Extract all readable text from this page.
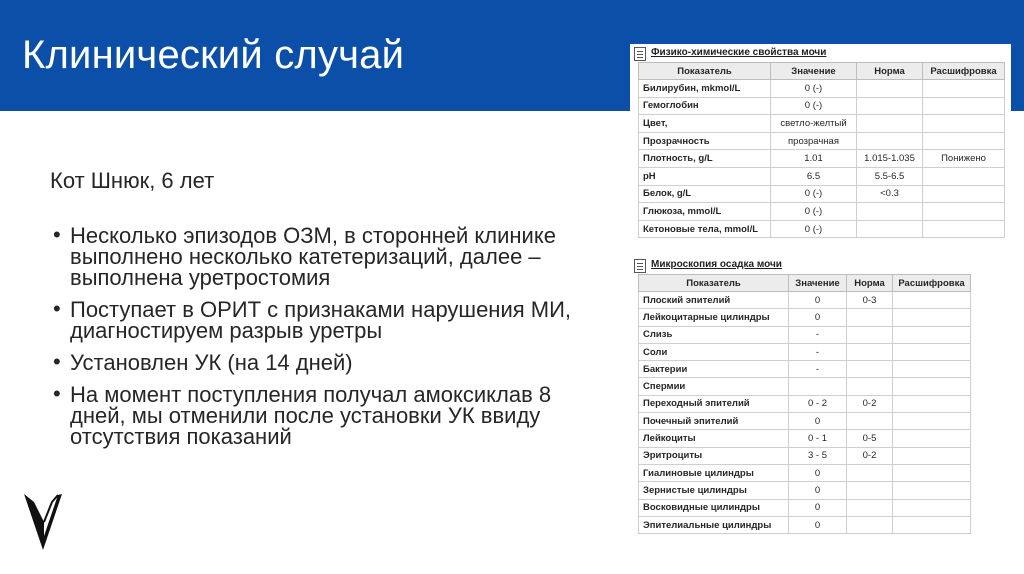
Клинический случай
Кот Шнюк, 6 лет
• Несколько эпизодов ОЗМ, в сторонней клинике выполнено несколько катетеризаций, далее – выполнена уретростомия
• Поступает в ОРИТ с признаками нарушения МИ, диагностируем разрыв уретры
• Установлен УК (на 14 дней)
• На момент поступления получал амоксиклав 8 дней, мы отменили после установки УК ввиду отсутствия показаний
Физико-химические свойства мочи
Показатель	Значение	Норма	Расшифровка
Билирубин, mkmol/L	0 (-)		
Гемоглобин	0 (-)		
Цвет,	светло-желтый		
Прозрачность	прозрачная		
Плотность, g/L	1.01	1.015-1.035	Понижено
pH	6.5	5.5-6.5	
Белок, g/L	0 (-)	<0.3	
Глюкоза, mmol/L	0 (-)		
Кетоновые тела, mmol/L	0 (-)		
Микроскопия осадка мочи
Показатель	Значение	Норма	Расшифровка
Плоский эпителий	0	0-3	
Лейкоцитарные цилиндры	0		
Слизь	-		
Соли	-		
Бактерии	-		
Спермии			
Переходный эпителий	0 - 2	0-2	
Почечный эпителий	0		
Лейкоциты	0 - 1	0-5	
Эритроциты	3 - 5	0-2	
Гиалиновые цилиндры	0		
Зернистые цилиндры	0		
Восковидные цилиндры	0		
Эпителиальные цилиндры	0		
